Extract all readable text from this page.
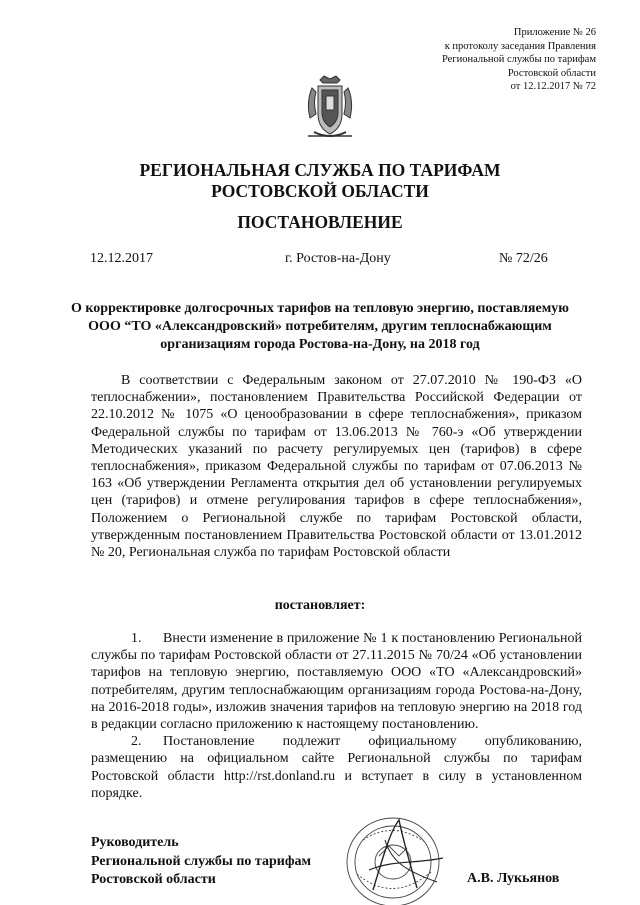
Приложение № 26
к протоколу заседания Правления
Региональной службы по тарифам
Ростовской области
от 12.12.2017 № 72
РЕГИОНАЛЬНАЯ СЛУЖБА ПО ТАРИФАМ
РОСТОВСКОЙ ОБЛАСТИ
ПОСТАНОВЛЕНИЕ
12.12.2017	г. Ростов-на-Дону	№ 72/26
О корректировке долгосрочных тарифов на тепловую энергию, поставляемую ООО “ТО «Александровский» потребителям, другим теплоснабжающим организациям города Ростова-на-Дону, на 2018 год
В соответствии с Федеральным законом от 27.07.2010 № 190-ФЗ «О теплоснабжении», постановлением Правительства Российской Федерации от 22.10.2012 № 1075 «О ценообразовании в сфере теплоснабжения», приказом Федеральной службы по тарифам от 13.06.2013 № 760-э «Об утверждении Методических указаний по расчету регулируемых цен (тарифов) в сфере теплоснабжения», приказом Федеральной службы по тарифам от 07.06.2013 № 163 «Об утверждении Регламента открытия дел об установлении регулируемых цен (тарифов) и отмене регулирования тарифов в сфере теплоснабжения», Положением о Региональной службе по тарифам Ростовской области, утвержденным постановлением Правительства Ростовской области от 13.01.2012 № 20, Региональная служба по тарифам Ростовской области
постановляет:

1. Внести изменение в приложение № 1 к постановлению Региональной службы по тарифам Ростовской области от 27.11.2015 № 70/24 «Об установлении тарифов на тепловую энергию, поставляемую ООО «ТО «Александровский» потребителям, другим теплоснабжающим организациям города Ростова-на-Дону, на 2016-2018 годы», изложив значения тарифов на тепловую энергию на 2018 год в редакции согласно приложению к настоящему постановлению.

2. Постановление подлежит официальному опубликованию, размещению на официальном сайте Региональной службы по тарифам Ростовской области http://rst.donland.ru и вступает в силу в установленном порядке.

Руководитель
Региональной службы по тарифам
Ростовской области	А.В. Лукьянов
